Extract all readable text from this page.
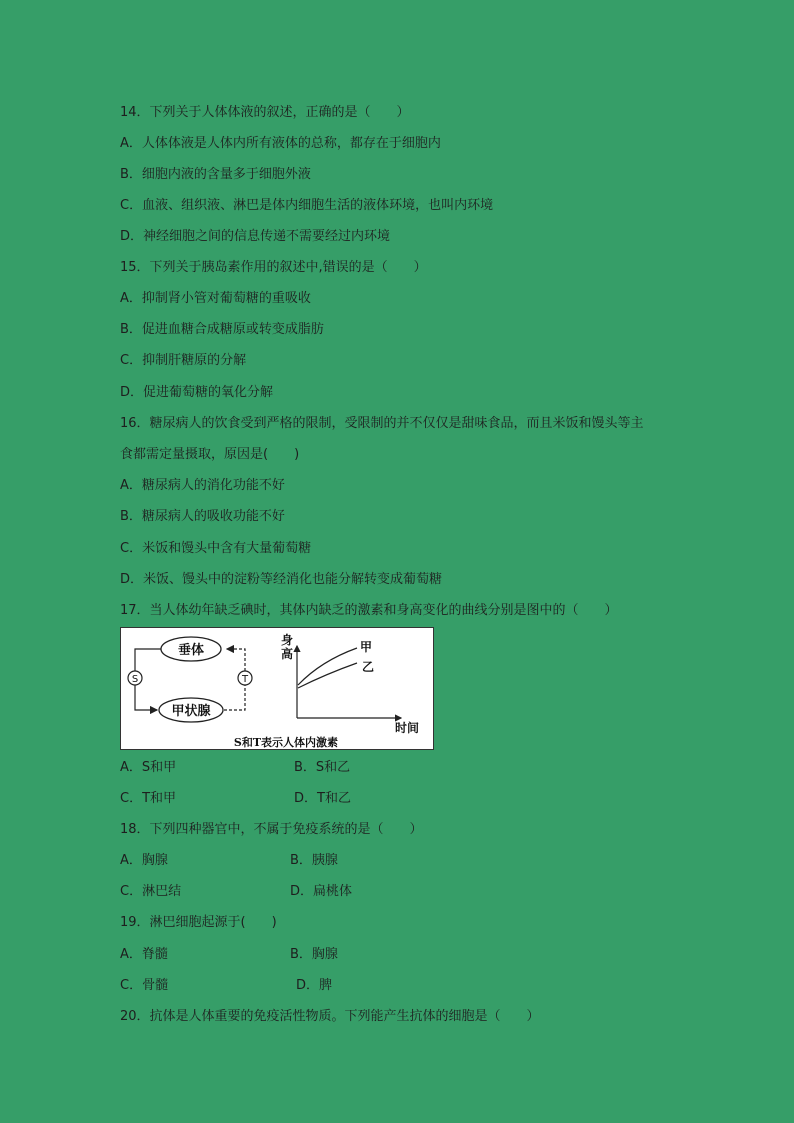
14．下列关于人体体液的叙述，正确的是（　　）
A．人体体液是人体内所有液体的总称，都存在于细胞内
B．细胞内液的含量多于细胞外液
C．血液、组织液、淋巴是体内细胞生活的液体环境，也叫内环境
D．神经细胞之间的信息传递不需要经过内环境
15．下列关于胰岛素作用的叙述中,错误的是（　　）
A．抑制肾小管对葡萄糖的重吸收
B．促进血糖合成糖原或转变成脂肪
C．抑制肝糖原的分解
D．促进葡萄糖的氧化分解
16．糖尿病人的饮食受到严格的限制，受限制的并不仅仅是甜味食品，而且米饭和馒头等主
食都需定量摄取，原因是(　　)
A．糖尿病人的消化功能不好
B．糖尿病人的吸收功能不好
C．米饭和馒头中含有大量葡萄糖
D．米饭、馒头中的淀粉等经消化也能分解转变成葡萄糖
17．当人体幼年缺乏碘时，其体内缺乏的激素和身高变化的曲线分别是图中的（　　）
垂体
甲状腺
S	T
身
高
时间
甲
乙
S和T表示人体内激素
A．S和甲	B．S和乙
C．T和甲	D．T和乙
18．下列四种器官中，不属于免疫系统的是（　　）
A．胸腺	B．胰腺
C．淋巴结	D．扁桃体
19．淋巴细胞起源于(　　)
A．脊髓	B．胸腺
C．骨髓	D．脾
20．抗体是人体重要的免疫活性物质。下列能产生抗体的细胞是（　　）
